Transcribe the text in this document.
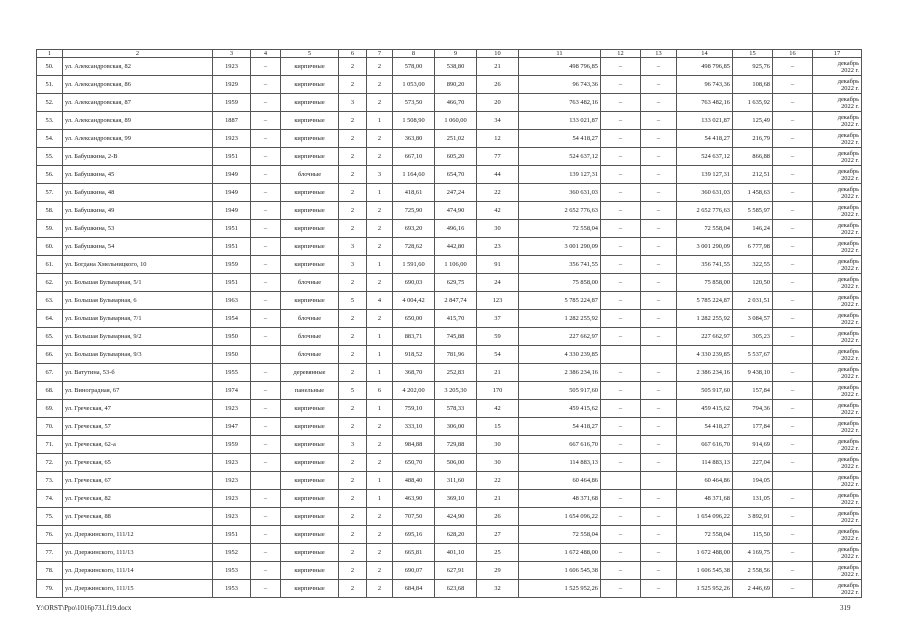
1	2	3	4	5	6	7	8	9	10	11	12	13	14	15	16	17
50.	ул. Александровская, 82	1923	–	кирпичные	2	2	578,00	538,80	21	498 796,85	–	–	498 796,85	925,76	–	декабрь
2022 г.

51.	ул. Александровская, 86	1929	–	кирпичные	2	2	1 053,00	890,20	26	96 743,36	–	–	96 743,36	108,68	–	декабрь
2022 г.

52.	ул. Александровская, 87	1959	–	кирпичные	3	2	573,50	466,70	20	763 482,16	–	–	763 482,16	1 635,92	–	декабрь
2022 г.

53.	ул. Александровская, 89	1887	–	кирпичные	2	1	1 508,90	1 060,00	34	133 021,87	–	–	133 021,87	125,49	–	декабрь
2022 г.

54.	ул. Александровская, 99	1923	–	кирпичные	2	2	363,80	251,02	12	54 418,27	–	–	54 418,27	216,79	–	декабрь
2022 г.

55.	ул. Бабушкина, 2-В	1951	–	кирпичные	2	2	667,10	605,20	77	524 637,12	–	–	524 637,12	866,88	–	декабрь
2022 г.

56.	ул. Бабушкина, 45	1949	–	блочные	2	3	1 164,60	654,70	44	139 127,31	–	–	139 127,31	212,51	–	декабрь
2022 г.

57.	ул. Бабушкина, 48	1949	–	кирпичные	2	1	418,61	247,24	22	360 631,03	–	–	360 631,03	1 458,63	–	декабрь
2022 г.

58.	ул. Бабушкина, 49	1949	–	кирпичные	2	2	725,90	474,90	42	2 652 776,63	–	–	2 652 776,63	5 585,97	–	декабрь
2022 г.

59.	ул. Бабушкина, 53	1951	–	кирпичные	2	2	693,20	496,16	30	72 558,04	–	–	72 558,04	146,24	–	декабрь
2022 г.

60.	ул. Бабушкина, 54	1951	–	кирпичные	3	2	728,62	442,80	23	3 001 290,09	–	–	3 001 290,09	6 777,98	–	декабрь
2022 г.

61.	ул. Богдана Хмельницкого, 10	1959	–	кирпичные	3	1	1 591,60	1 106,00	91	356 741,55	–	–	356 741,55	322,55	–	декабрь
2022 г.

62.	ул. Большая Бульварная, 5/1	1951	–	блочные	2	2	690,03	629,75	24	75 858,00	–	–	75 858,00	120,50	–	декабрь
2022 г.

63.	ул. Большая Бульварная, 6	1963	–	кирпичные	5	4	4 004,42	2 847,74	123	5 785 224,87	–	–	5 785 224,87	2 031,51	–	декабрь
2022 г.

64.	ул. Большая Бульварная, 7/1	1954	–	блочные	2	2	650,00	415,70	37	1 282 255,92	–	–	1 282 255,92	3 084,57	–	декабрь
2022 г.

65.	ул. Большая Бульварная, 9/2	1950	–	блочные	2	1	883,71	745,88	59	227 662,97	–	–	227 662,97	305,23	–	декабрь
2022 г.

66.	ул. Большая Бульварная, 9/3	1950		блочные	2	1	918,52	781,96	54	4 330 239,85			4 330 239,85	5 537,67		декабрь
2022 г.

67.	ул. Ватутина, 53-б	1955	–	деревянные	2	1	368,70	252,83	21	2 386 234,16	–	–	2 386 234,16	9 438,10	–	декабрь
2022 г.

68.	ул. Виноградная, 67	1974	–	панельные	5	6	4 202,00	3 205,30	170	505 917,60	–	–	505 917,60	157,84	–	декабрь
2022 г.

69.	ул. Греческая, 47	1923	–	кирпичные	2	1	759,10	578,33	42	459 415,62	–	–	459 415,62	794,36	–	декабрь
2022 г.

70.	ул. Греческая, 57	1947	–	кирпичные	2	2	333,10	306,00	15	54 418,27	–	–	54 418,27	177,84	–	декабрь
2022 г.

71.	ул. Греческая, 62-а	1959	–	кирпичные	3	2	984,88	729,88	30	667 616,70	–	–	667 616,70	914,69	–	декабрь
2022 г.

72.	ул. Греческая, 65	1923	–	кирпичные	2	2	650,70	506,00	30	114 883,13	–	–	114 883,13	227,04	–	декабрь
2022 г.

73.	ул. Греческая, 67	1923		кирпичные	2	1	488,40	311,60	22	60 464,86			60 464,86	194,05		декабрь
2022 г.

74.	ул. Греческая, 82	1923	–	кирпичные	2	1	463,90	369,10	21	48 371,68	–	–	48 371,68	131,05	–	декабрь
2022 г.

75.	ул. Греческая, 88	1923	–	кирпичные	2	2	707,50	424,90	26	1 654 096,22	–	–	1 654 096,22	3 892,91	–	декабрь
2022 г.

76.	ул. Дзержинского, 111/12	1951	–	кирпичные	2	2	695,16	628,20	27	72 558,04	–	–	72 558,04	115,50	–	декабрь
2022 г.

77.	ул. Дзержинского, 111/13	1952	–	кирпичные	2	2	665,81	401,10	25	1 672 488,00	–	–	1 672 488,00	4 169,75	–	декабрь
2022 г.

78.	ул. Дзержинского, 111/14	1953	–	кирпичные	2	2	690,07	627,91	29	1 606 545,38	–	–	1 606 545,38	2 558,56	–	декабрь
2022 г.

79.	ул. Дзержинского, 111/15	1953	–	кирпичные	2	2	684,84	623,68	32	1 525 952,26	–	–	1 525 952,26	2 446,69	–	декабрь
2022 г.
Y:\ORST\Ppo\1016p731.f19.docx	319
